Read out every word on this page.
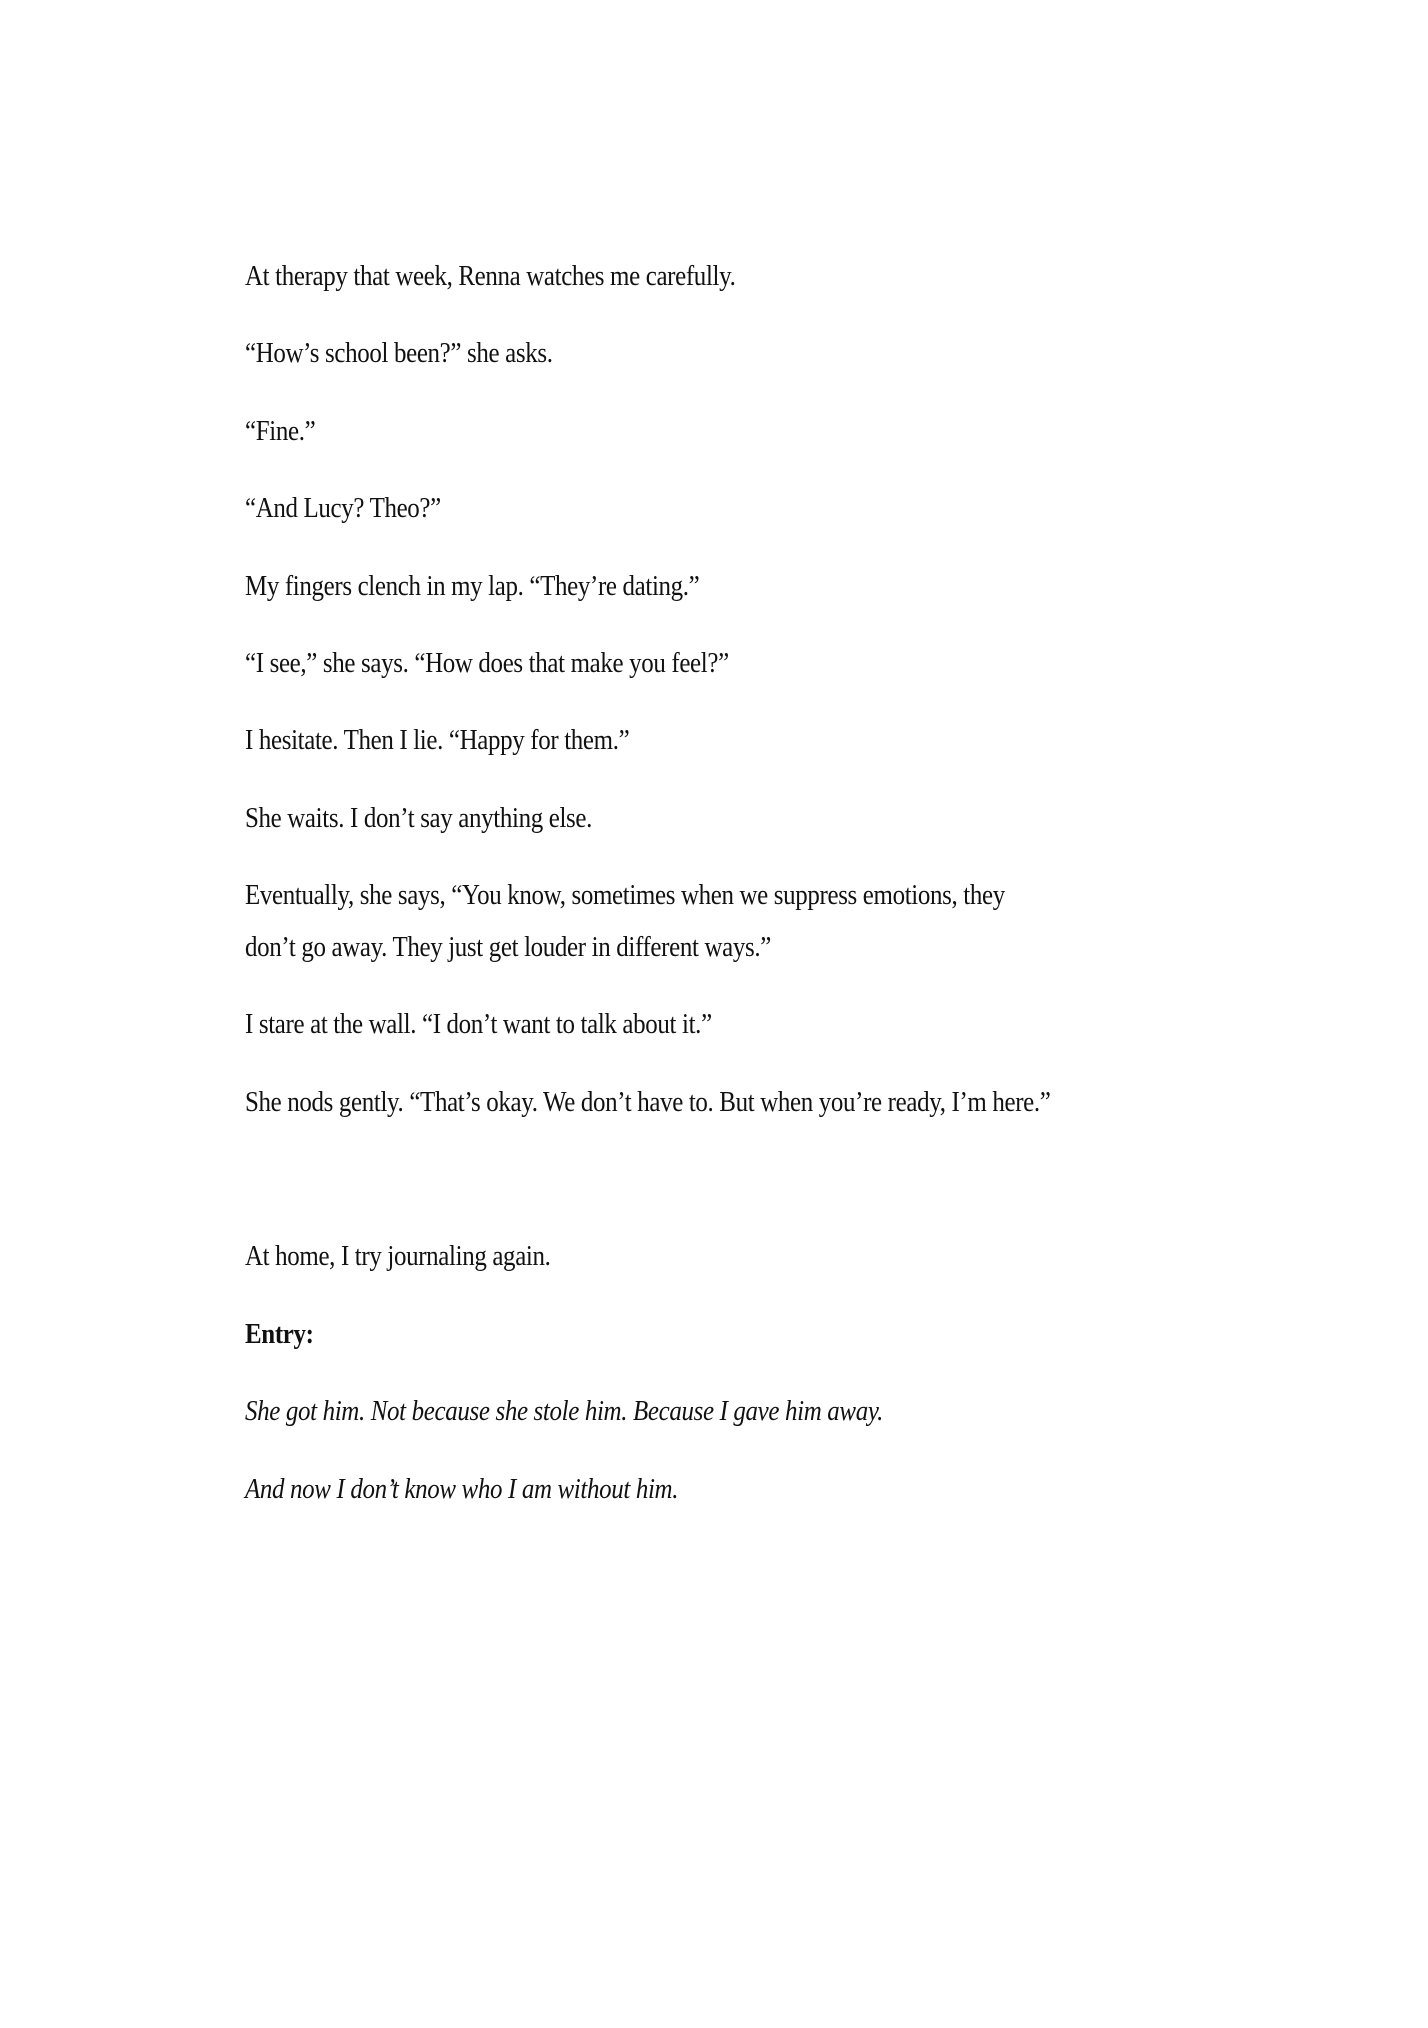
At therapy that week, Renna watches me carefully.

“How’s school been?” she asks.

“Fine.”

“And Lucy? Theo?”

My fingers clench in my lap. “They’re dating.”

“I see,” she says. “How does that make you feel?”

I hesitate. Then I lie. “Happy for them.”

She waits. I don’t say anything else.

Eventually, she says, “You know, sometimes when we suppress emotions, they don’t go away. They just get louder in different ways.”

I stare at the wall. “I don’t want to talk about it.”

She nods gently. “That’s okay. We don’t have to. But when you’re ready, I’m here.”

At home, I try journaling again.

Entry:

She got him. Not because she stole him. Because I gave him away.

And now I don’t know who I am without him.
